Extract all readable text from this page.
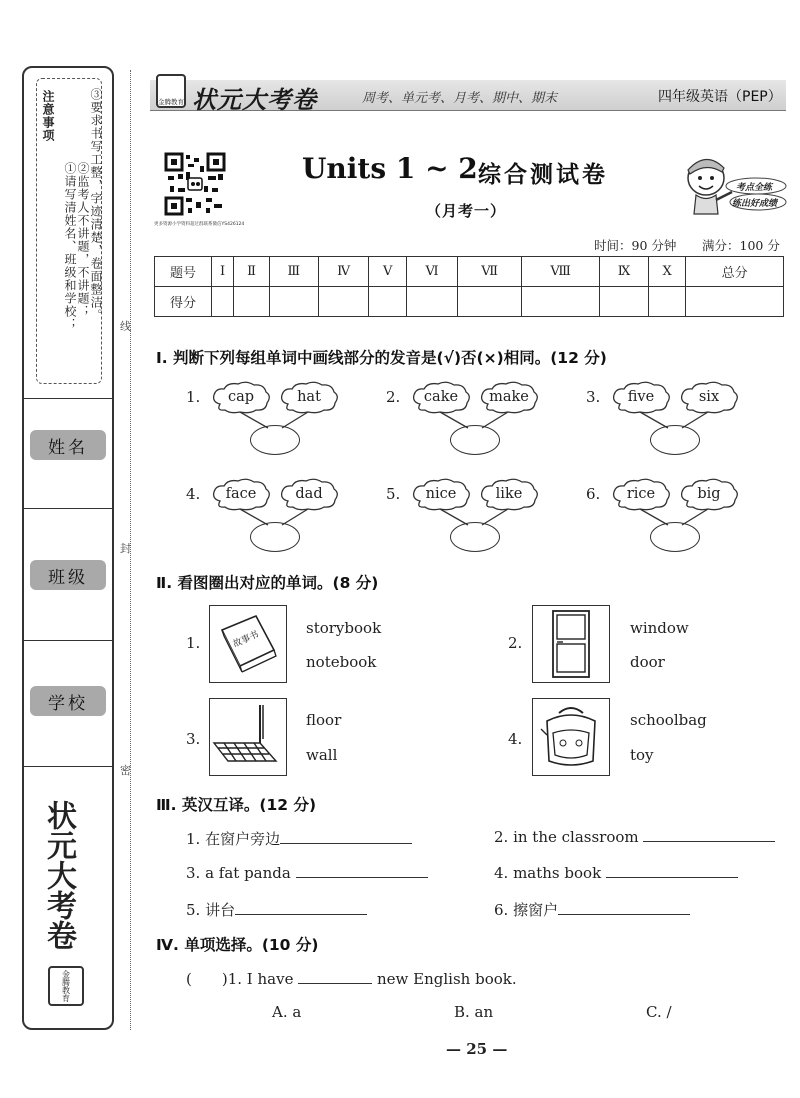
注意事项
①请写清姓名、班级和学校； ②监考人不讲题，不讲题； ③要求书写工整，字迹清楚，卷面整洁。
姓名
班级
学校
状元大考卷
金腾教育
线
封
密
金腾教育 状元大考卷	周考、单元考、月考、期中、期末	四年级英语（PEP）
更多资源小学资料超过群联系微信YS426124
Units 1 ~ 2 综合测试卷
（月考一）
考点全练
练出好成绩
时间：90 分钟 满分：100 分
题号	Ⅰ	Ⅱ	Ⅲ	Ⅳ	Ⅴ	Ⅵ	Ⅶ	Ⅷ	Ⅸ	Ⅹ	总分
得分											
Ⅰ. 判断下列每组单词中画线部分的发音是(√)否(×)相同。(12 分)
1.	cap	hat	2.	cake	make	3.	five	six
4.	face	dad	5.	nice	like	6.	rice	big
Ⅱ. 看图圈出对应的单词。(8 分)
1.	故事书
storybook
notebook
2.
window
door
3.
floor
wall
4.
schoolbag
toy
Ⅲ. 英汉互译。(12 分)
1. 在窗户旁边	2. in the classroom
3. a fat panda	4. maths book
5. 讲台	6. 擦窗户
Ⅳ. 单项选择。(10 分)
(　　)1. I have	new English book.
A. a	B. an	C. /
— 25 —
